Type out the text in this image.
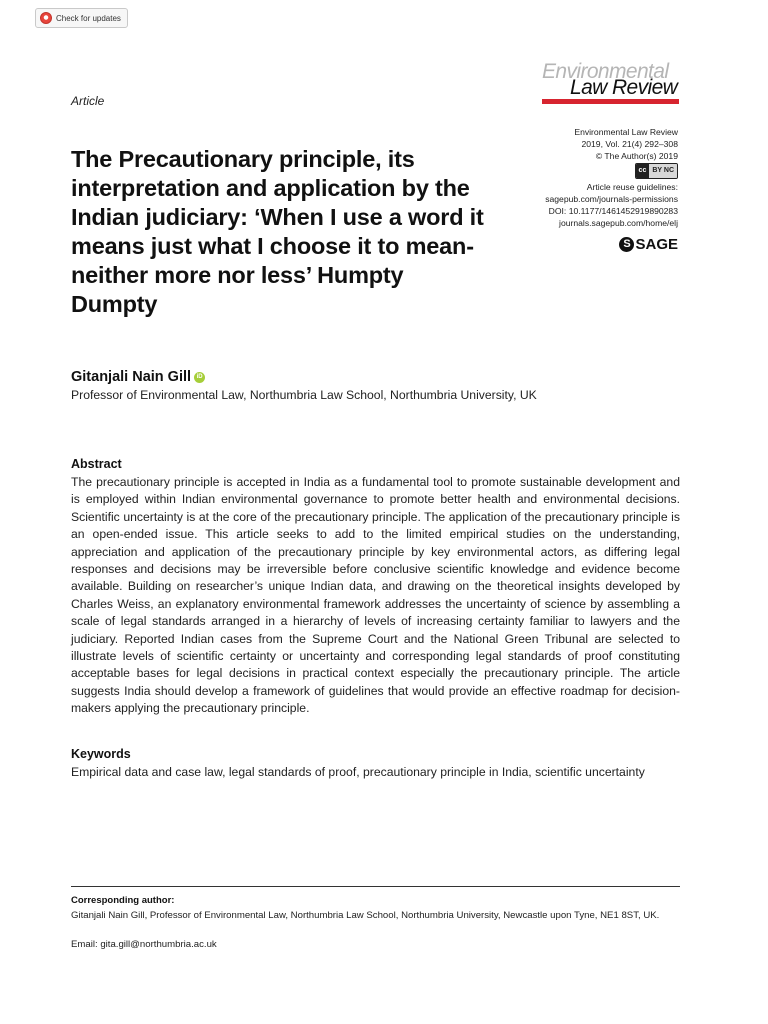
Check for updates
Article
Environmental
Law Review
The Precautionary principle, its interpretation and application by the Indian judiciary: ‘When I use a word it means just what I choose it to mean-neither more nor less’ Humpty Dumpty
Environmental Law Review
2019, Vol. 21(4) 292–308
© The Author(s) 2019
cc BY NC
Article reuse guidelines:
sagepub.com/journals-permissions
DOI: 10.1177/1461452919890283
journals.sagepub.com/home/elj
S SAGE
Gitanjali Nain Gill iD
Professor of Environmental Law, Northumbria Law School, Northumbria University, UK
Abstract

The precautionary principle is accepted in India as a fundamental tool to promote sustainable development and is employed within Indian environmental governance to promote better health and environmental decisions. Scientific uncertainty is at the core of the precautionary principle. The application of the precautionary principle is an open-ended issue. This article seeks to add to the limited empirical studies on the understanding, appreciation and application of the precautionary principle by key environmental actors, as differing legal responses and decisions may be irreversible before conclusive scientific knowledge and evidence become available. Building on researcher’s unique Indian data, and drawing on the theoretical insights developed by Charles Weiss, an explanatory environmental framework addresses the uncertainty of science by assembling a scale of legal standards arranged in a hierarchy of levels of increasing certainty familiar to lawyers and the judiciary. Reported Indian cases from the Supreme Court and the National Green Tribunal are selected to illustrate levels of scientific certainty or uncertainty and corresponding legal standards of proof constituting acceptable bases for legal decisions in practical context especially the precautionary principle. The article suggests India should develop a framework of guidelines that would provide an effective roadmap for decision-makers applying the precautionary principle.

Keywords
Empirical data and case law, legal standards of proof, precautionary principle in India, scientific uncertainty
Corresponding author:
Gitanjali Nain Gill, Professor of Environmental Law, Northumbria Law School, Northumbria University, Newcastle upon Tyne, NE1 8ST, UK.
Email: gita.gill@northumbria.ac.uk
